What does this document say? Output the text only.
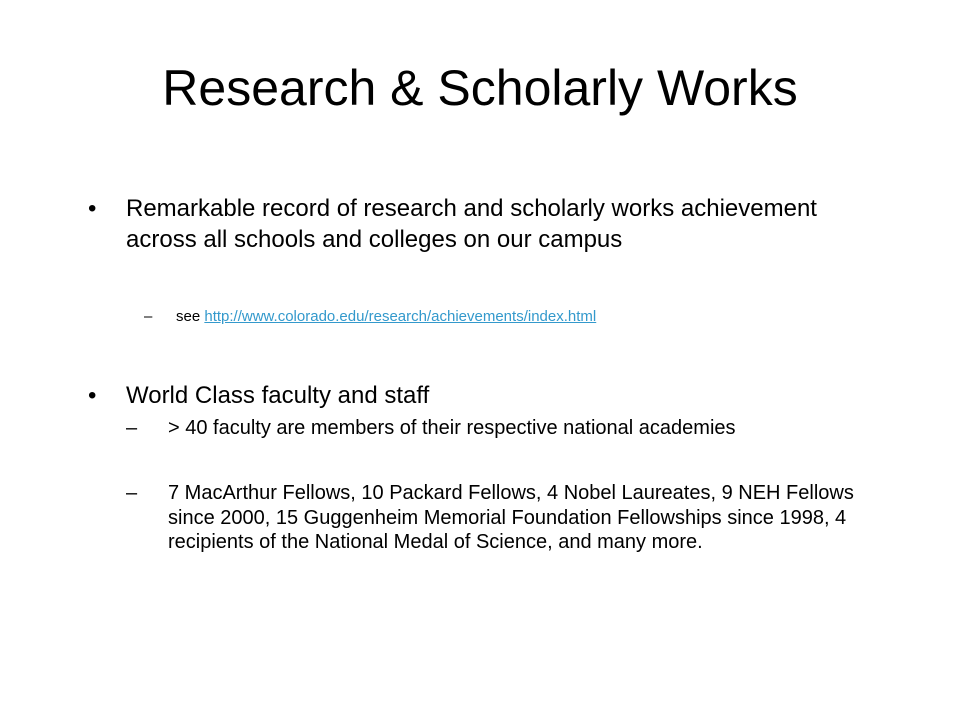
Research & Scholarly Works
•	Remarkable record of research and scholarly works achievement across all schools and colleges on our campus
–	see http://www.colorado.edu/research/achievements/index.html
•	World Class faculty and staff
–	> 40 faculty are members of their respective national academies
–	7 MacArthur Fellows, 10 Packard Fellows, 4 Nobel Laureates, 9 NEH Fellows since 2000, 15 Guggenheim Memorial Foundation Fellowships since 1998, 4 recipients of the National Medal of Science, and many more.
